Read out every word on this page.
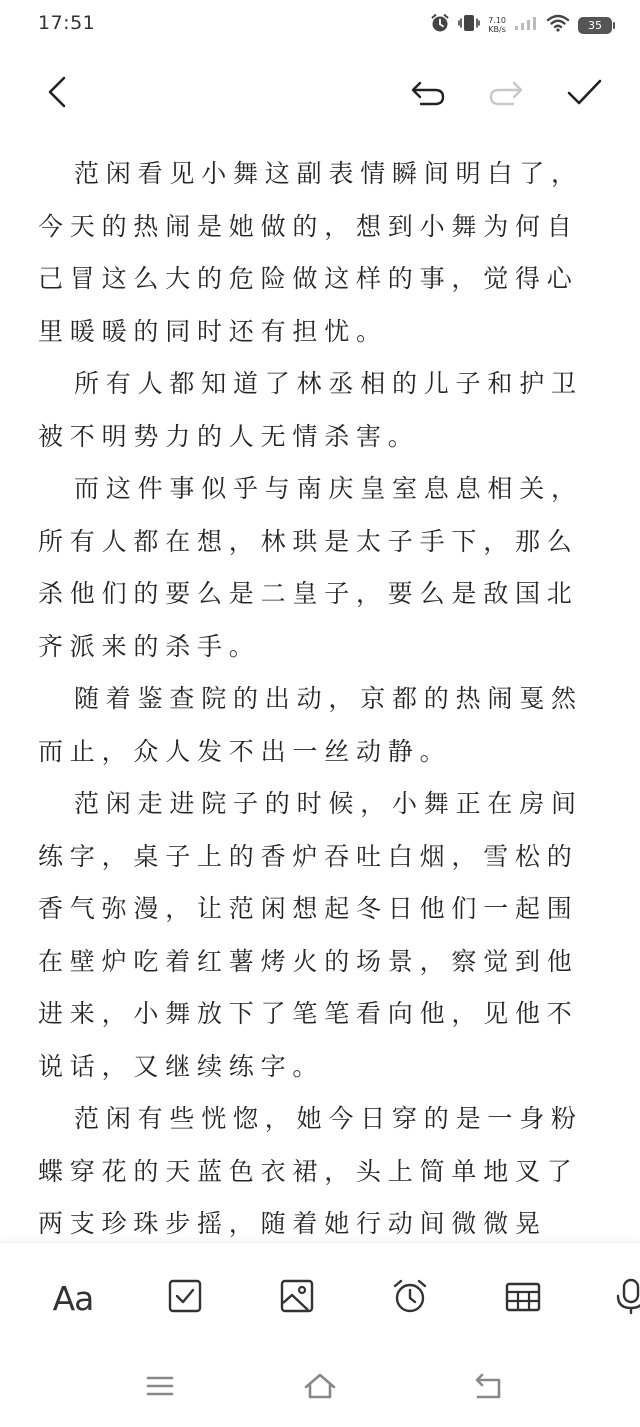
17:51	7.10
KB/s	35

范闲看见小舞这副表情瞬间明白了，今天的热闹是她做的，想到小舞为何自己冒这么大的危险做这样的事，觉得心里暖暖的同时还有担忧。

所有人都知道了林丞相的儿子和护卫被不明势力的人无情杀害。

而这件事似乎与南庆皇室息息相关，所有人都在想，林珙是太子手下，那么杀他们的要么是二皇子，要么是敌国北齐派来的杀手。

随着鉴查院的出动，京都的热闹戛然而止，众人发不出一丝动静。

范闲走进院子的时候，小舞正在房间练字，桌子上的香炉吞吐白烟，雪松的香气弥漫，让范闲想起冬日他们一起围在壁炉吃着红薯烤火的场景，察觉到他进来，小舞放下了笔笔看向他，见他不说话，又继续练字。

范闲有些恍惚，她今日穿的是一身粉蝶穿花的天蓝色衣裙，头上简单地叉了两支珍珠步摇，随着她行动间微微晃

Aa
